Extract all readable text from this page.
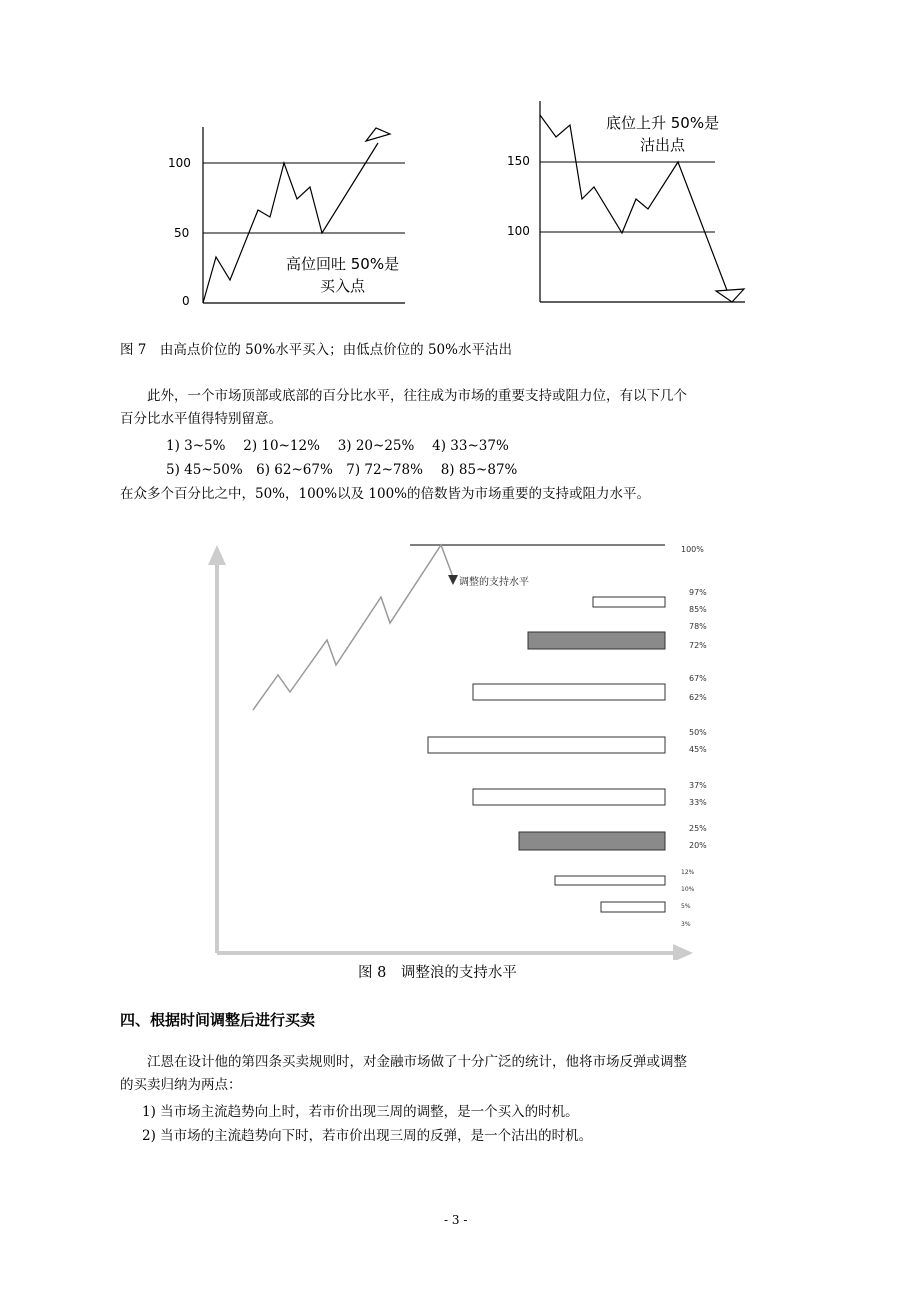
100
50
0
高位回吐 50%是
买入点
150
100
底位上升 50%是
沽出点
图 7　由高点价位的 50%水平买入；由低点价位的 50%水平沽出
此外，一个市场顶部或底部的百分比水平，往往成为市场的重要支持或阻力位，有以下几个
百分比水平值得特别留意。
1) 3~5%　 2) 10~12%　 3) 20~25%　 4) 33~37%
5) 45~50%　6) 62~67%　7) 72~78%　 8) 85~87%
在众多个百分比之中，50%，100%以及 100%的倍数皆为市场重要的支持或阻力水平。
调整的支持水平
100%
97%
85%
78%
72%
67%
62%
50%
45%
37%
33%
25%
20%
12%
10%
5%
3%
图 8　调整浪的支持水平
四、根据时间调整后进行买卖
江恩在设计他的第四条买卖规则时，对金融市场做了十分广泛的统计，他将市场反弹或调整
的买卖归纳为两点：
1) 当市场主流趋势向上时，若市价出现三周的调整，是一个买入的时机。
2) 当市场的主流趋势向下时，若市价出现三周的反弹，是一个沽出的时机。
- 3 -
